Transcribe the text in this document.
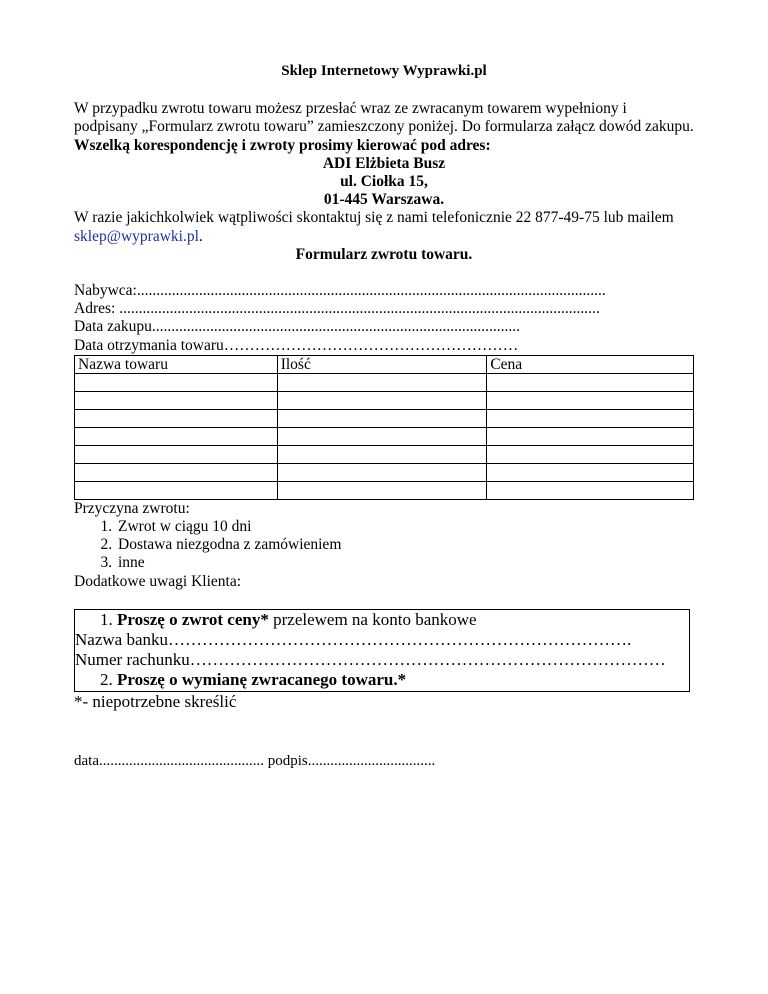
Sklep Internetowy Wyprawki.pl

W przypadku zwrotu towaru możesz przesłać wraz ze zwracanym towarem wypełniony i podpisany „Formularz zwrotu towaru” zamieszczony poniżej. Do formularza załącz dowód zakupu.

Wszelką korespondencję i zwroty prosimy kierować pod adres:

ADI Elżbieta Busz

ul. Ciołka 15,

01-445 Warszawa.

W razie jakichkolwiek wątpliwości skontaktuj się z nami telefonicznie 22 877-49-75 lub mailem sklep@wyprawki.pl.

Formularz zwrotu towaru.

Nabywca:.........................................................................................................................

Adres: ............................................................................................................................

Data zakupu...............................................................................................

Data otrzymania towaru…………………………………………………

Nazwa towaru	Ilość	Cena

Przyczyna zwrotu:

1. Zwrot w ciągu 10 dni
2. Dostawa niezgodna z zamówieniem
3. inne

Dodatkowe uwagi Klienta:

1. Proszę o zwrot ceny* przelewem na konto bankowe
Nazwa banku……………………………………………………………………….
Numer rachunku…………………………………………………………………………
2. Proszę o wymianę zwracanego towaru.*

*- niepotrzebne skreślić

data............................................ podpis..................................
